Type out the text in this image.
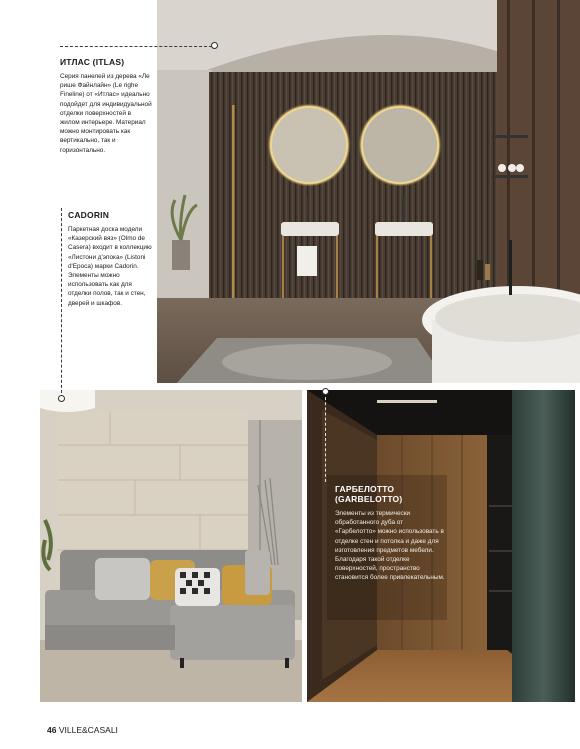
ИТЛАС (ITLAS)

Серия панелей из дерева «Ле рише Файнлайн» (Le righe Fineline) от «Итлас» идеально подойдет для индивидуальной отделки поверхностей в жилом интерьере. Материал можно монтировать как вертикально, так и горизонтально.

CADORIN

Паркетная доска модели «Казерский вяз» (Olmo de Casera) входит в коллекцию «Листони д'эпока» (Listoni d'Epoca) марки Cadorin. Элементы можно использовать как для отделки полов, так и стен, дверей и шкафов.

ГАРБЕЛОТТО (GARBELOTTO)

Элементы из термически обработанного дуба от «Гарбелотто» можно использовать в отделке стен и потолка и даже для изготовления предметов мебели. Благодаря такой отделке поверхностей, пространство становится более привлекательным.

46 VILLE&CASALI
